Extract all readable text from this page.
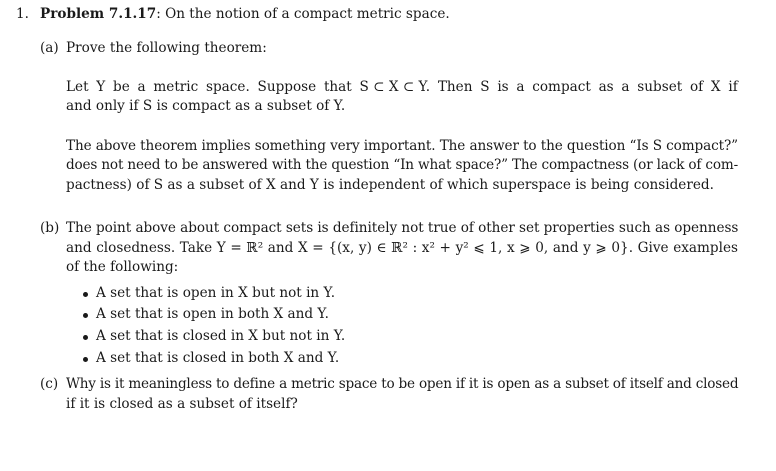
1. Problem 7.1.17: On the notion of a compact metric space.
(a) Prove the following theorem:
Let Y be a metric space. Suppose that S ⊂ X ⊂ Y. Then S is a compact as a subset of X if
and only if S is compact as a subset of Y.
The above theorem implies something very important. The answer to the question “Is S compact?”
does not need to be answered with the question “In what space?” The compactness (or lack of com-
pactness) of S as a subset of X and Y is independent of which superspace is being considered.
(b) The point above about compact sets is definitely not true of other set properties such as openness
and closedness. Take Y = ℝ² and X = {(x, y) ∈ ℝ² : x² + y² ⩽ 1, x ⩾ 0, and y ⩾ 0}. Give examples
of the following:
A set that is open in X but not in Y.
A set that is open in both X and Y.
A set that is closed in X but not in Y.
A set that is closed in both X and Y.
(c) Why is it meaningless to define a metric space to be open if it is open as a subset of itself and closed
if it is closed as a subset of itself?
